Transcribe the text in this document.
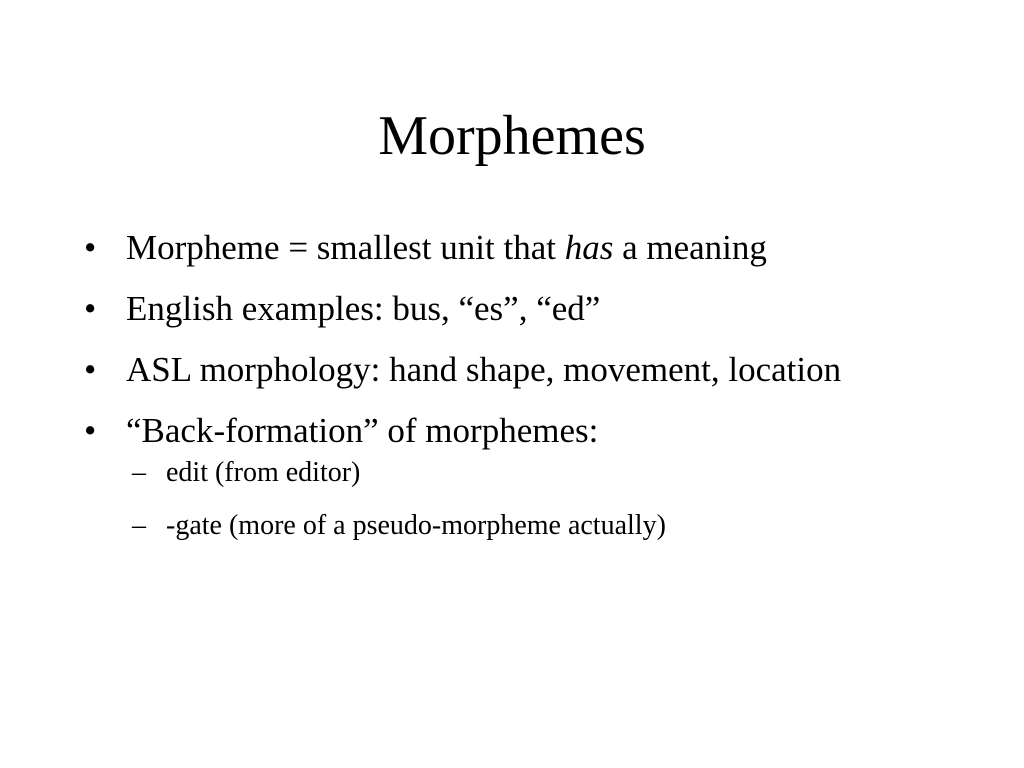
Morphemes
• Morpheme = smallest unit that has a meaning
• English examples: bus, “es”, “ed”
• ASL morphology: hand shape, movement, location
• “Back-formation” of morphemes:
– edit (from editor)
– -gate (more of a pseudo-morpheme actually)
